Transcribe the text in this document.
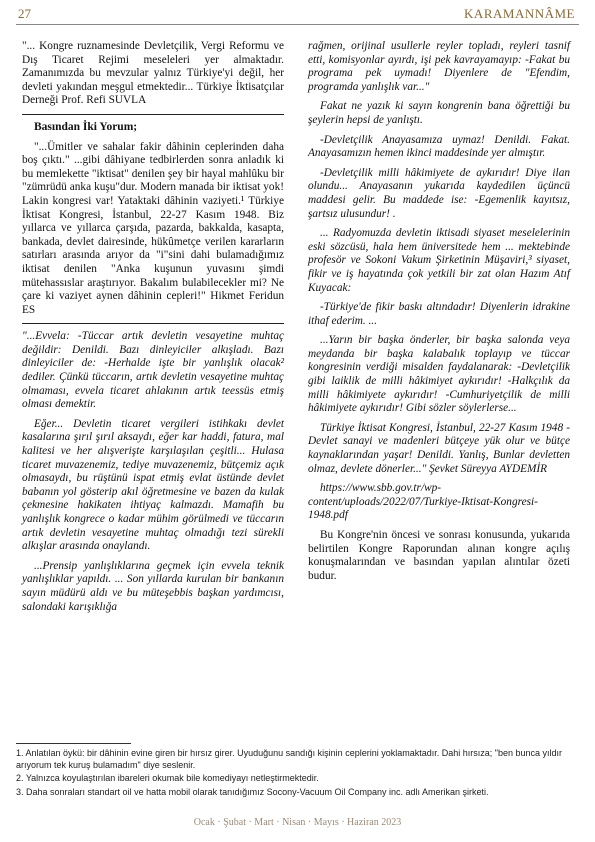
27	KARAMANNÂME

"... Kongre ruznamesinde Devletçilik, Vergi Reformu ve Dış Ticaret Rejimi meseleleri yer almaktadır. Zamanımızda bu mevzular yalnız Türkiye'yi değil, her devleti yakından meşgul etmektedir... Türkiye İktisatçılar Derneği Prof. Refi SUVLA

Basından İki Yorum;

"...Ümitler ve sahalar fakir dâhinin ceplerinden daha boş çıktı." ...gibi dâhiyane tedbirlerden sonra anladık ki bu memlekette "iktisat" denilen şey bir hayal mahlûku bir "zümrüdü anka kuşu"dur. Modern manada bir iktisat yok! Lakin kongresi var! Yataktaki dâhinin vaziyeti.¹ Türkiye İktisat Kongresi, İstanbul, 22-27 Kasım 1948. Biz yıllarca ve yıllarca çarşıda, pazarda, bakkalda, kasapta, bankada, devlet dairesinde, hükûmetçe verilen kararların satırları arasında arıyor da "i"sini dahi bulamadığımız iktisat denilen "Anka kuşunun yuvasını şimdi mütehassıslar araştırıyor. Bakalım bulabilecekler mi? Ne çare ki vaziyet aynen dâhinin cepleri!" Hikmet Feridun ES

"...Evvela: -Tüccar artık devletin vesayetine muhtaç değildir: Denildi. Bazı dinleyiciler alkışladı. Bazı dinleyiciler de: -Herhalde işte bir yanlışlık olacak² dediler. Çünkü tüccarın, artık devletin vesayetine muhtaç olmaması, evvela ticaret ahlakının artık teessüs etmiş olması demektir.

Eğer... Devletin ticaret vergileri istihkakı devlet kasalarına şırıl şırıl aksaydı, eğer kar haddi, fatura, mal kalitesi ve her alışverişte karşılaşılan çeşitli... Hulasa ticaret muvazenemiz, tediye muvazenemiz, bütçemiz açık olmasaydı, bu rüştünü ispat etmiş evlat üstünde devlet babanın yol gösterip akıl öğretmesine ve bazen da kulak çekmesine hakikaten ihtiyaç kalmazdı. Mamafih bu yanlışlık kongrece o kadar mühim görülmedi ve tüccarın artık devletin vesayetine muhtaç olmadığı tezi sürekli alkışlar arasında onaylandı.

...Prensip yanlışlıklarına geçmek için evvela teknik yanlışlıklar yapıldı. ... Son yıllarda kurulan bir bankanın sayın müdürü aldı ve bu müteşebbis başkan yardımcısı, salondaki karışıklığa

rağmen, orijinal usullerle reyler topladı, reyleri tasnif etti, komisyonlar ayırdı, işi pek kavrayamayıp: -Fakat bu programa pek uymadı! Diyenlere de "Efendim, programda yanlışlık var..."

Fakat ne yazık ki sayın kongrenin bana öğrettiği bu şeylerin hepsi de yanlıştı.

-Devletçilik Anayasamıza uymaz! Denildi. Fakat. Anayasamızın hemen ikinci maddesinde yer almıştır.

-Devletçilik milli hâkimiyete de aykırıdır! Diye ilan olundu... Anayasanın yukarıda kaydedilen üçüncü maddesi gelir. Bu maddede ise: -Egemenlik kayıtsız, şartsız ulusundur! .

... Radyomuzda devletin iktisadi siyaset meselelerinin eski sözcüsü, hala hem üniversitede hem ... mektebinde profesör ve Sokoni Vakum Şirketinin Müşaviri,³ siyaset, fikir ve iş hayatında çok yetkili bir zat olan Hazım Atıf Kuyacak:

-Türkiye'de fikir baskı altındadır! Diyenlerin idrakine ithaf ederim. ...

...Yarın bir başka önderler, bir başka salonda veya meydanda bir başka kalabalık toplayıp ve tüccar kongresinin verdiği misalden faydalanarak: -Devletçilik gibi laiklik de milli hâkimiyet aykırıdır! -Halkçılık da milli hâkimiyete aykırıdır! -Cumhuriyetçilik de milli hâkimiyete aykırıdır! Gibi sözler söylerlerse...

Türkiye İktisat Kongresi, İstanbul, 22-27 Kasım 1948 -Devlet sanayi ve madenleri bütçeye yük olur ve bütçe kaynaklarından yaşar! Denildi. Yanlış, Bunlar devletten olmaz, devlete dönerler..." Şevket Süreyya AYDEMİR

https://www.sbb.gov.tr/wp-content/uploads/2022/07/Turkiye-Iktisat-Kongresi-1948.pdf

Bu Kongre'nin öncesi ve sonrası konusunda, yukarıda belirtilen Kongre Raporundan alınan kongre açılış konuşmalarından ve basından yapılan alıntılar özeti budur.

1. Anlatılan öykü: bir dâhinin evine giren bir hırsız girer. Uyuduğunu sandığı kişinin ceplerini yoklamaktadır. Dahi hırsıza; "ben bunca yıldır arıyorum tek kuruş bulamadım" diye seslenir.
2. Yalnızca koyulaştırılan ibareleri okumak bile komediyayı netleştirmektedir.
3. Daha sonraları standart oil ve hatta mobil olarak tanıdığımız Socony-Vacuum Oil Company inc. adlı Amerikan şirketi.
Ocak · Şubat · Mart · Nisan · Mayıs · Haziran 2023
